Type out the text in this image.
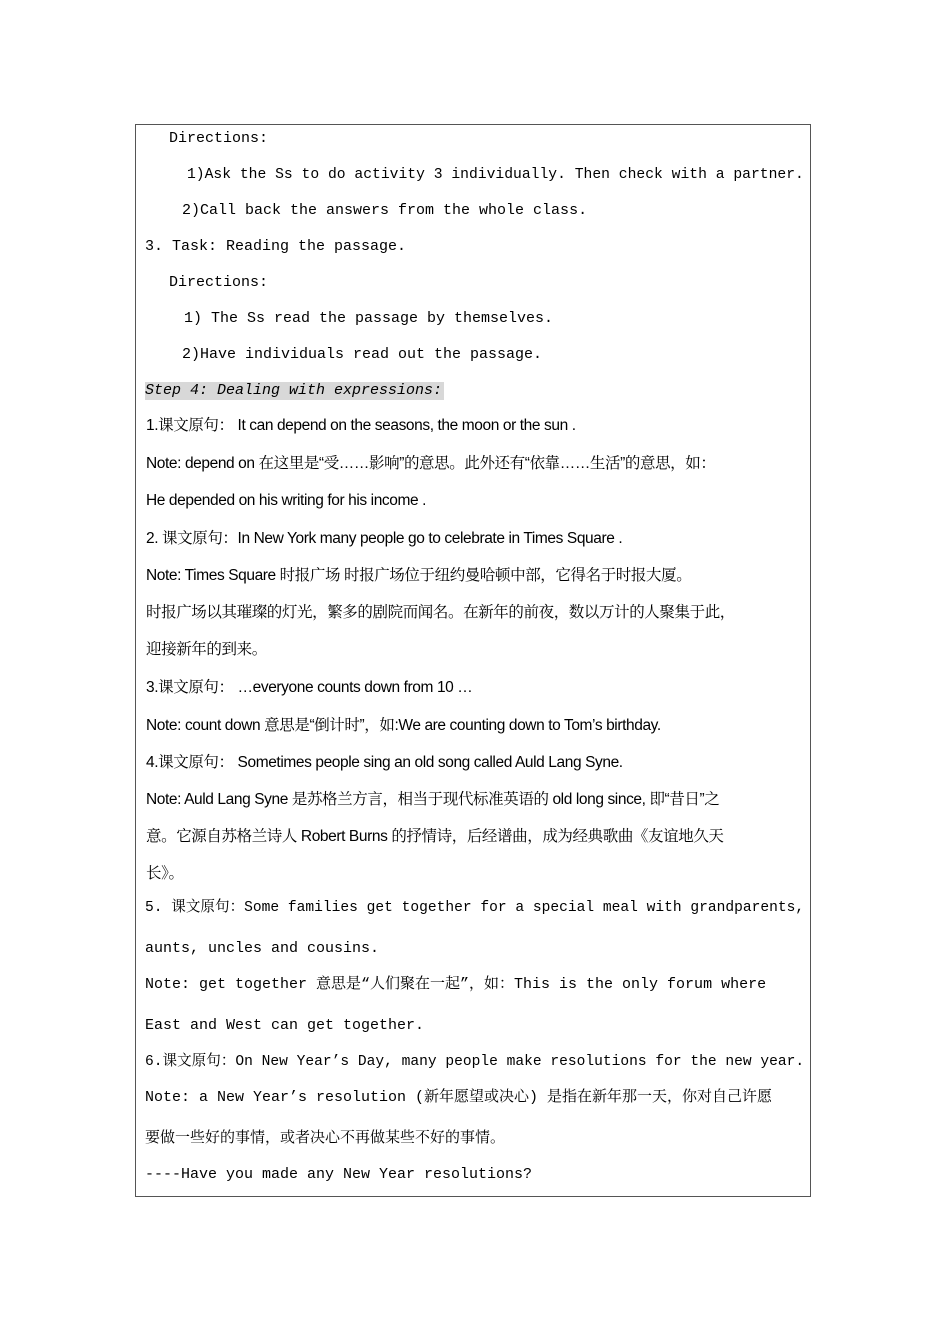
Directions:
1)Ask the Ss to do activity 3 individually. Then check with a partner.
2)Call back the answers from the whole class.
3. Task: Reading the passage.
Directions:
1) The Ss read the passage by themselves.
2)Have individuals read out the passage.
Step 4: Dealing with expressions:
1.课文原句： It can depend on the seasons, the moon or the sun .
Note: depend on 在这里是“受……影响”的意思。此外还有“依靠……生活”的意思，如：
He depended on his writing for his income .
2. 课文原句：In New York many people go to celebrate in Times Square .
Note: Times Square 时报广场 时报广场位于纽约曼哈顿中部，它得名于时报大厦。
时报广场以其璀璨的灯光，繁多的剧院而闻名。在新年的前夜，数以万计的人聚集于此，
迎接新年的到来。
3.课文原句： …everyone counts down from 10 …
Note: count down 意思是“倒计时”，如:We are counting down to Tom’s birthday.
4.课文原句： Sometimes people sing an old song called Auld Lang Syne.
Note: Auld Lang Syne 是苏格兰方言，相当于现代标准英语的 old long since, 即“昔日”之
意。它源自苏格兰诗人 Robert Burns 的抒情诗，后经谱曲，成为经典歌曲《友谊地久天
长》。
5. 课文原句：Some families get together for a special meal with grandparents,
aunts, uncles and cousins.
Note: get together 意思是“人们聚在一起”，如：This is the only forum where
East and West can get together.
6.课文原句：On New Year’s Day, many people make resolutions for the new year.
Note: a New Year’s resolution (新年愿望或决心) 是指在新年那一天，你对自己许愿
要做一些好的事情，或者决心不再做某些不好的事情。
----Have you made any New Year resolutions?
